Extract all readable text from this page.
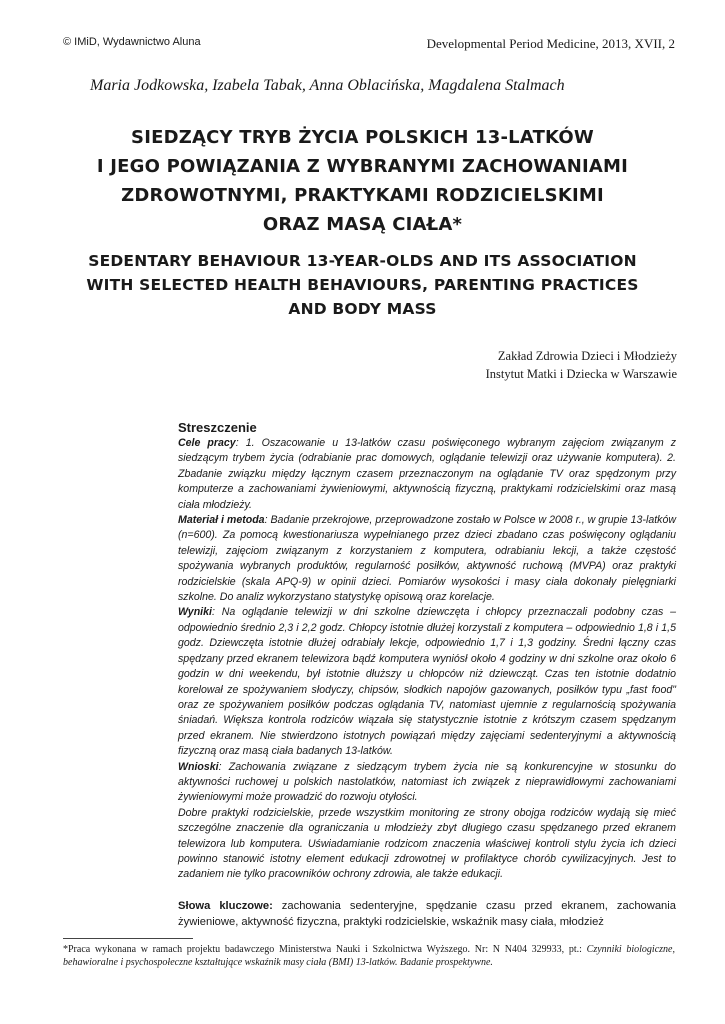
© IMiD, Wydawnictwo Aluna	Developmental Period Medicine, 2013, XVII, 2
Maria Jodkowska, Izabela Tabak, Anna Oblacińska, Magdalena Stalmach
SIEDZĄCY TRYB ŻYCIA POLSKICH 13-LATKÓW
I JEGO POWIĄZANIA Z WYBRANYMI ZACHOWANIAMI
ZDROWOTNYMI, PRAKTYKAMI RODZICIELSKIMI
ORAZ MASĄ CIAŁA*
SEDENTARY BEHAVIOUR 13-YEAR-OLDS AND ITS ASSOCIATION
WITH SELECTED HEALTH BEHAVIOURS, PARENTING PRACTICES
AND BODY MASS
Zakład Zdrowia Dzieci i Młodzieży
Instytut Matki i Dziecka w Warszawie
Streszczenie

Cele pracy: 1. Oszacowanie u 13-latków czasu poświęconego wybranym zajęciom związanym z siedzącym trybem życia (odrabianie prac domowych, oglądanie telewizji oraz używanie komputera). 2. Zbadanie związku między łącznym czasem przeznaczonym na oglądanie TV oraz spędzonym przy komputerze a zachowaniami żywieniowymi, aktywnością fizyczną, praktykami rodzicielskimi oraz masą ciała młodzieży.

Materiał i metoda: Badanie przekrojowe, przeprowadzone zostało w Polsce w 2008 r., w grupie 13-latków (n=600). Za pomocą kwestionariusza wypełnianego przez dzieci zbadano czas poświęcony oglądaniu telewizji, zajęciom związanym z korzystaniem z komputera, odrabianiu lekcji, a także częstość spożywania wybranych produktów, regularność posiłków, aktywność ruchową (MVPA) oraz praktyki rodzicielskie (skala APQ-9) w opinii dzieci. Pomiarów wysokości i masy ciała dokonały pielęgniarki szkolne. Do analiz wykorzystano statystykę opisową oraz korelacje.

Wyniki: Na oglądanie telewizji w dni szkolne dziewczęta i chłopcy przeznaczali podobny czas – odpowiednio średnio 2,3 i 2,2 godz. Chłopcy istotnie dłużej korzystali z komputera – odpowiednio 1,8 i 1,5 godz. Dziewczęta istotnie dłużej odrabiały lekcje, odpowiednio 1,7 i 1,3 godziny. Średni łączny czas spędzany przed ekranem telewizora bądź komputera wyniósł około 4 godziny w dni szkolne oraz około 6 godzin w dni weekendu, był istotnie dłuższy u chłopców niż dziewcząt. Czas ten istotnie dodatnio korelował ze spożywaniem słodyczy, chipsów, słodkich napojów gazowanych, posiłków typu „fast food" oraz ze spożywaniem posiłków podczas oglądania TV, natomiast ujemnie z regularnością spożywania śniadań. Większa kontrola rodziców wiązała się statystycznie istotnie z krótszym czasem spędzanym przed ekranem. Nie stwierdzono istotnych powiązań między zajęciami sedenteryjnymi a aktywnością fizyczną oraz masą ciała badanych 13-latków.

Wnioski: Zachowania związane z siedzącym trybem życia nie są konkurencyjne w stosunku do aktywności ruchowej u polskich nastolatków, natomiast ich związek z nieprawidłowymi zachowaniami żywieniowymi może prowadzić do rozwoju otyłości.

Dobre praktyki rodzicielskie, przede wszystkim monitoring ze strony obojga rodziców wydają się mieć szczególne znaczenie dla ograniczania u młodzieży zbyt długiego czasu spędzanego przed ekranem telewizora lub komputera. Uświadamianie rodzicom znaczenia właściwej kontroli stylu życia ich dzieci powinno stanowić istotny element edukacji zdrowotnej w profilaktyce chorób cywilizacyjnych. Jest to zadaniem nie tylko pracowników ochrony zdrowia, ale także edukacji.

Słowa kluczowe: zachowania sedenteryjne, spędzanie czasu przed ekranem, zachowania żywieniowe, aktywność fizyczna, praktyki rodzicielskie, wskaźnik masy ciała, młodzież
*Praca wykonana w ramach projektu badawczego Ministerstwa Nauki i Szkolnictwa Wyższego. Nr: N N404 329933, pt.: Czynniki biologiczne, behawioralne i psychospołeczne kształtujące wskaźnik masy ciała (BMI) 13-latków. Badanie prospektywne.
